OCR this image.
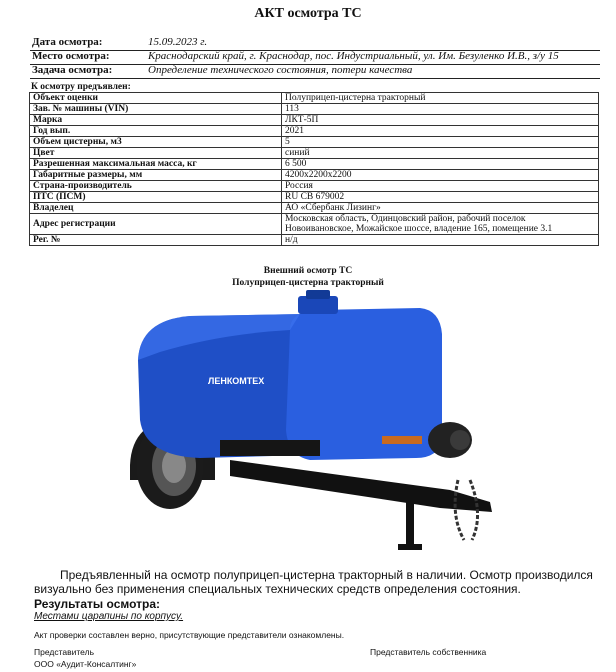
АКТ осмотра ТС
Дата осмотра:	15.09.2023 г.
Место осмотра:	Краснодарский край, г. Краснодар, пос. Индустриальный, ул. Им. Безуленко И.В., з/у 15
Задача осмотра:	Определение технического состояния, потери качества
К осмотру предъявлен:
Объект оценки	Полуприцеп-цистерна тракторный
Зав. № машины (VIN)	113
Марка	ЛКТ-5П
Год вып.	2021
Объем цистерны, м3	5
Цвет	синий
Разрешенная максимальная масса, кг	6 500
Габаритные размеры, мм	4200х2200х2200
Страна-производитель	Россия
ПТС (ПСМ)	RU СВ 679002
Владелец	АО «Сбербанк Лизинг»
Адрес регистрации	Московская область, Одинцовский район, рабочий поселок
Новоивановское, Можайское шоссе, владение 165, помещение 3.1

Рег. №	н/д
Внешний осмотр ТС
Полуприцеп-цистерна тракторный
ЛЕНКОМТЕХ
Предъявленный на осмотр полуприцеп-цистерна тракторный в наличии. Осмотр производился визуально без применения специальных технических средств определения состояния.
Результаты осмотра:
Местами царапины по корпусу.
Акт проверки составлен верно, присутствующие представители ознакомлены.
Представитель
ООО «Аудит-Консалтинг»
Представитель собственника
